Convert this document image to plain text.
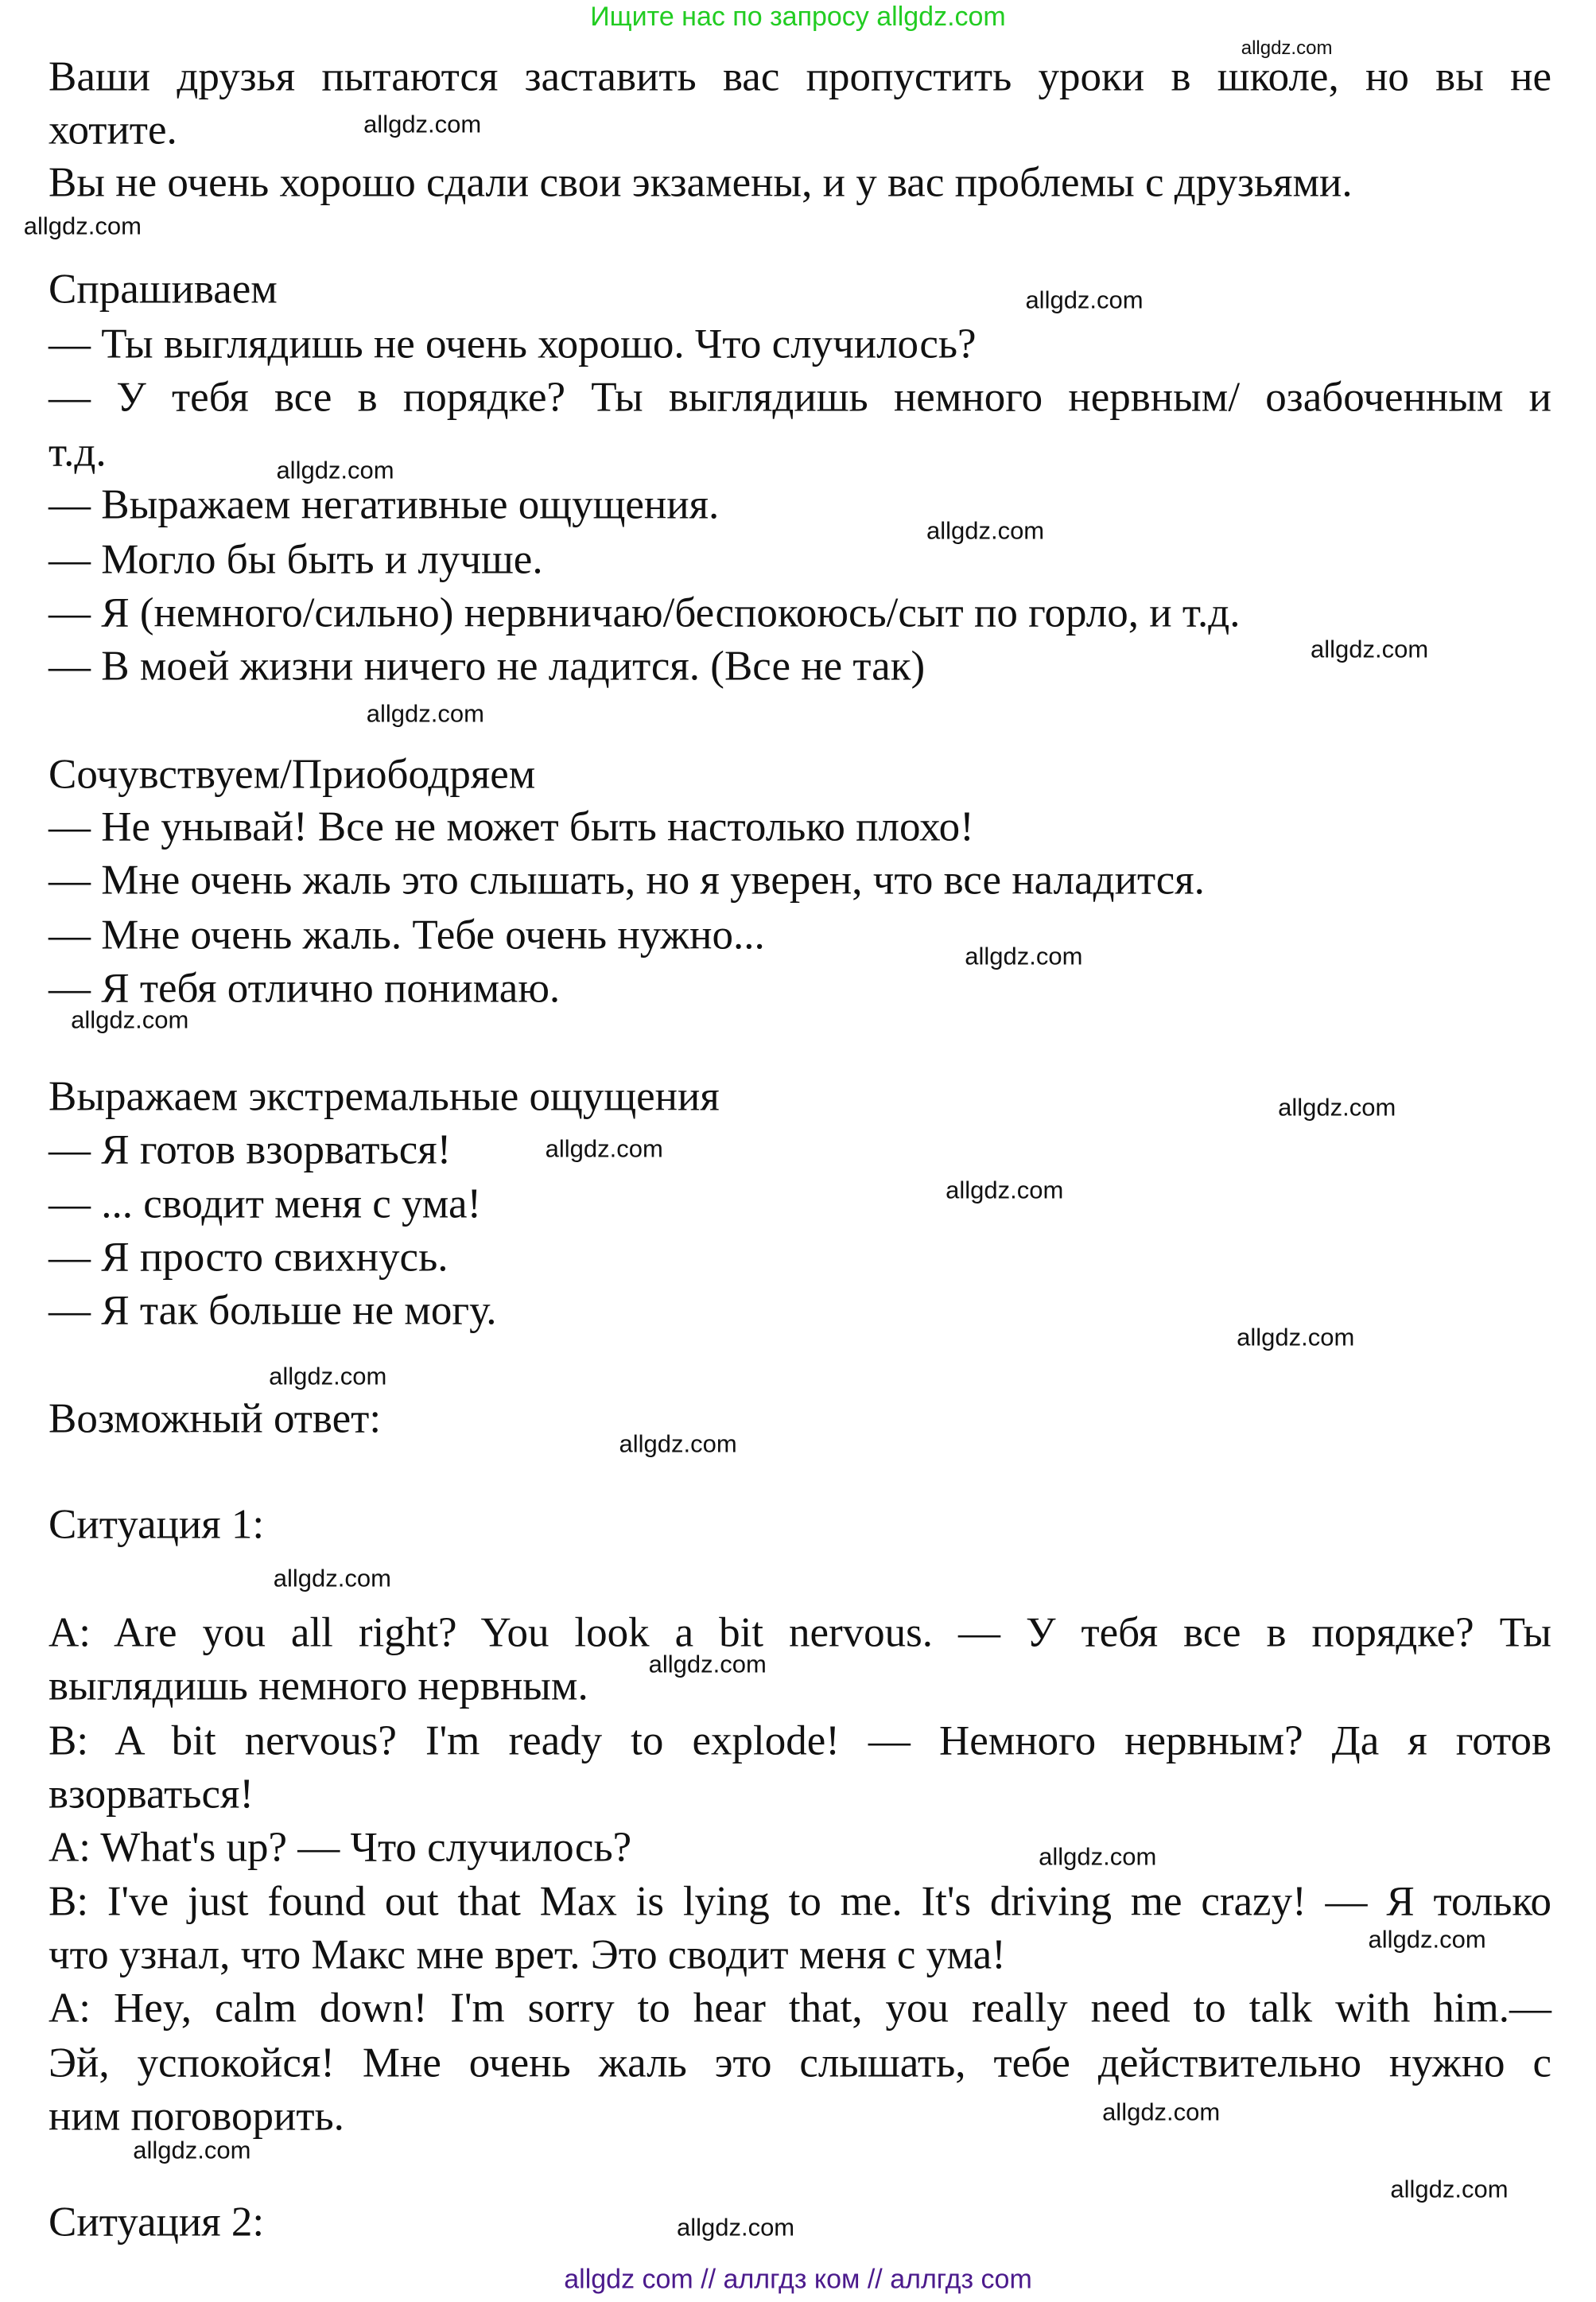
Ищите нас по запросу allgdz.com
Ваши друзья пытаются заставить вас пропустить уроки в школе, но вы не
хотите.
Вы не очень хорошо сдали свои экзамены, и у вас проблемы с друзьями.
Спрашиваем
— Ты выглядишь не очень хорошо. Что случилось?
— У тебя все в порядке? Ты выглядишь немного нервным/ озабоченным и
т.д.
— Выражаем негативные ощущения.
— Могло бы быть и лучше.
— Я (немного/сильно) нервничаю/беспокоюсь/сыт по горло, и т.д.
— В моей жизни ничего не ладится. (Все не так)
Сочувствуем/Приободряем
— Не унывай! Все не может быть настолько плохо!
— Мне очень жаль это слышать, но я уверен, что все наладится.
— Мне очень жаль. Тебе очень нужно...
— Я тебя отлично понимаю.
Выражаем экстремальные ощущения
— Я готов взорваться!
— ... сводит меня с ума!
— Я просто свихнусь.
— Я так больше не могу.
Возможный ответ:
Ситуация 1:
A: Are you all right? You look a bit nervous. — У тебя все в порядке? Ты
выглядишь немного нервным.
B: A bit nervous? I'm ready to explode! — Немного нервным? Да я готов
взорваться!
A: What's up? — Что случилось?
B: I've just found out that Max is lying to me. It's driving me crazy! — Я только
что узнал, что Макс мне врет. Это сводит меня с ума!
A: Hey, calm down! I'm sorry to hear that, you really need to talk with him.—
Эй, успокойся! Мне очень жаль это слышать, тебе действительно нужно с
ним поговорить.
Ситуация 2:
allgdz.com
allgdz.com
allgdz.com
allgdz.com
allgdz.com
allgdz.com
allgdz.com
allgdz.com
allgdz.com
allgdz.com
allgdz.com
allgdz.com
allgdz.com
allgdz.com
allgdz.com
allgdz.com
allgdz.com
allgdz.com
allgdz.com
allgdz.com
allgdz.com
allgdz.com
allgdz.com
allgdz.com
allgdz com // аллгдз ком // аллгдз com
